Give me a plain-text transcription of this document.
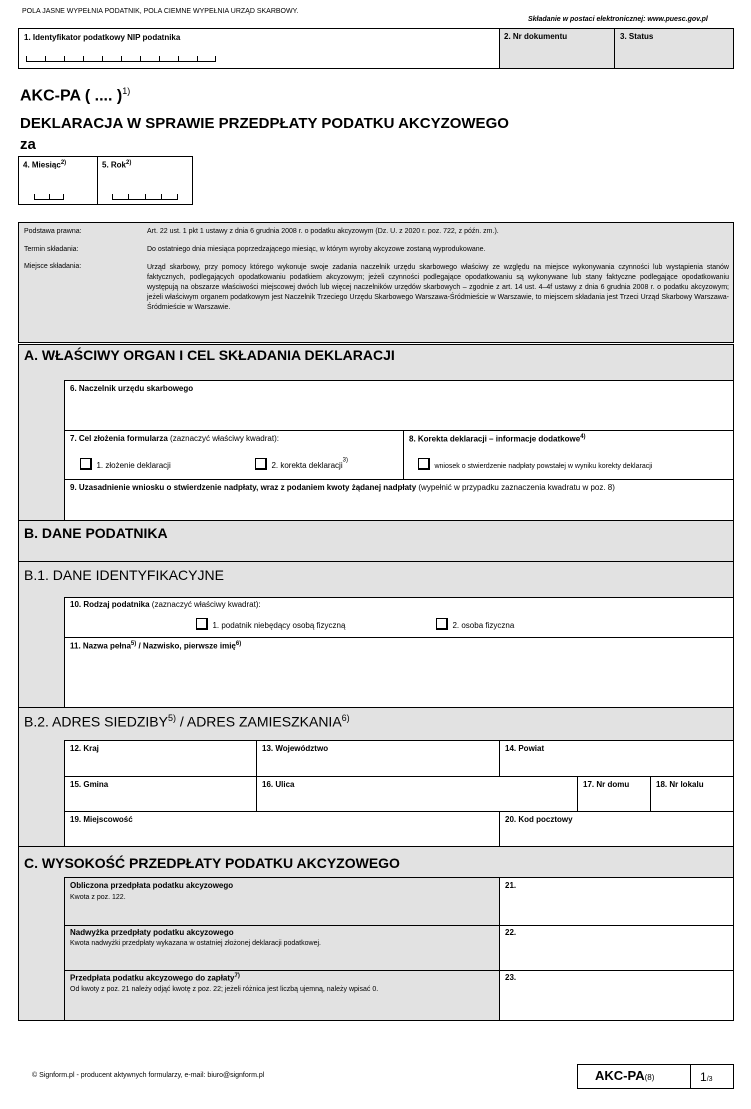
POLA JASNE WYPEŁNIA PODATNIK, POLA CIEMNE WYPEŁNIA URZĄD SKARBOWY.
Składanie w postaci elektronicznej: www.puesc.gov.pl
1. Identyfikator podatkowy NIP podatnika	2. Nr dokumentu	3. Status
AKC-PA ( .... )$^{1)}$
DEKLARACJA W SPRAWIE PRZEDPŁATY PODATKU AKCYZOWEGO
za
4. Miesiąc$^{2)}$	5. Rok$^{2)}$
Podstawa prawna:	Art. 22 ust. 1 pkt 1 ustawy z dnia 6 grudnia 2008 r. o podatku akcyzowym (Dz. U. z 2020 r. poz. 722, z późn. zm.).
Termin składania:	Do ostatniego dnia miesiąca poprzedzającego miesiąc, w którym wyroby akcyzowe zostaną wyprodukowane.
Miejsce składania:	Urząd skarbowy, przy pomocy którego wykonuje swoje zadania naczelnik urzędu skarbowego właściwy ze względu na miejsce wykonywania czynności lub wystąpienia stanów faktycznych, podlegających opodatkowaniu podatkiem akcyzowym; jeżeli czynności podlegające opodatkowaniu są wykonywane lub stany faktyczne podlegające opodatkowaniu występują na obszarze właściwości miejscowej dwóch lub więcej naczelników urzędów skarbowych – zgodnie z art. 14 ust. 4–4f ustawy z dnia 6 grudnia 2008 r. o podatku akcyzowym; jeżeli właściwym organem podatkowym jest Naczelnik Trzeciego Urzędu Skarbowego Warszawa-Śródmieście w Warszawie, to miejscem składania jest Trzeci Urząd Skarbowy Warszawa-Śródmieście w Warszawie.
A. WŁAŚCIWY ORGAN I CEL SKŁADANIA DEKLARACJI
6. Naczelnik urzędu skarbowego
7. Cel złożenia formularza (zaznaczyć właściwy kwadrat):
1. złożenie deklaracji	2. korekta deklaracji$^{3)}$
8. Korekta deklaracji – informacje dodatkowe$^{4)}$
wniosek o stwierdzenie nadpłaty powstałej w wyniku korekty deklaracji
9. Uzasadnienie wniosku o stwierdzenie nadpłaty, wraz z podaniem kwoty żądanej nadpłaty (wypełnić w przypadku zaznaczenia kwadratu w poz. 8)
B. DANE PODATNIKA
B.1. DANE IDENTYFIKACYJNE
10. Rodzaj podatnika (zaznaczyć właściwy kwadrat):
1. podatnik niebędący osobą fizyczną	2. osoba fizyczna
11. Nazwa pełna$^{5)}$ / Nazwisko, pierwsze imię$^{6)}$
B.2. ADRES SIEDZIBY$^{5)}$ / ADRES ZAMIESZKANIA$^{6)}$
12. Kraj	13. Województwo	14. Powiat
15. Gmina	16. Ulica	17. Nr domu	18. Nr lokalu
19. Miejscowość	20. Kod pocztowy
C. WYSOKOŚĆ PRZEDPŁATY PODATKU AKCYZOWEGO
Obliczona przedpłata podatku akcyzowego
Kwota z poz. 122.
21.
Nadwyżka przedpłaty podatku akcyzowego
Kwota nadwyżki przedpłaty wykazana w ostatniej złożonej deklaracji podatkowej.
22.
Przedpłata podatku akcyzowego do zapłaty$^{7)}$
Od kwoty z poz. 21 należy odjąć kwotę z poz. 22; jeżeli różnica jest liczbą ujemną, należy wpisać 0.
23.
© Signform.pl - producent aktywnych formularzy, e-mail: biuro@signform.pl	AKC-PA(8)	1/3
